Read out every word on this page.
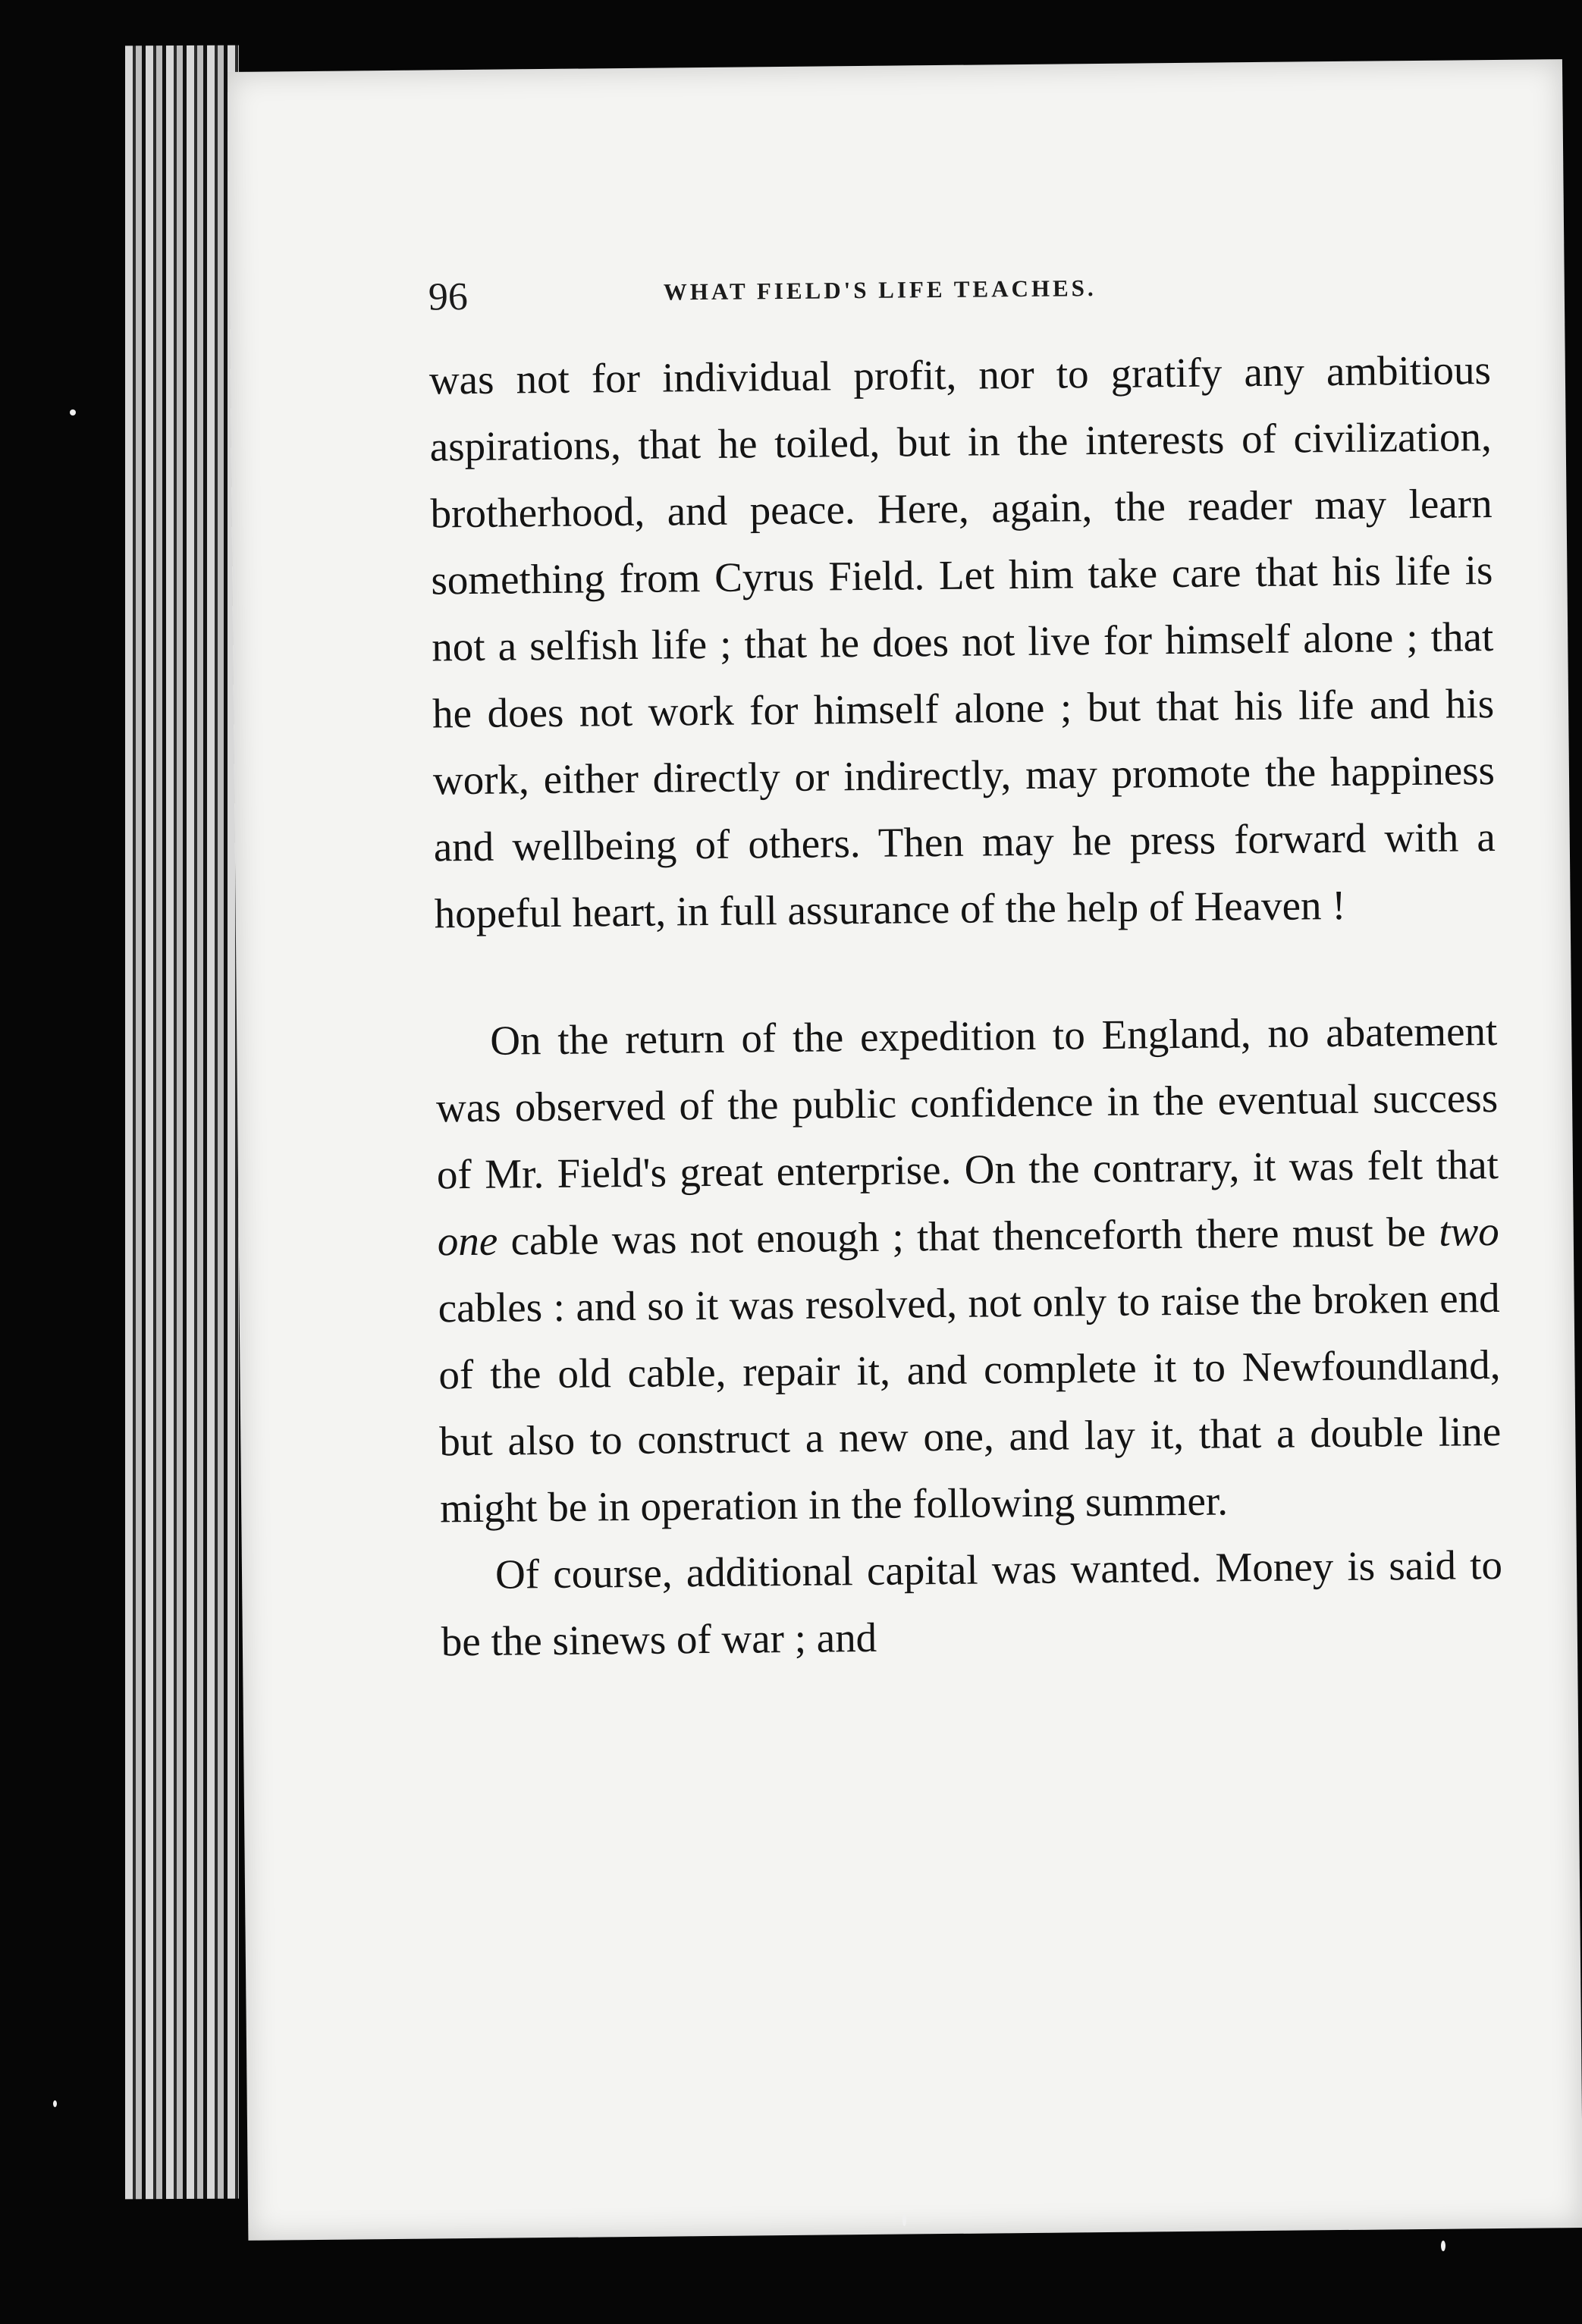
96	WHAT FIELD'S LIFE TEACHES.

was not for individual profit, nor to gratify any ambitious aspirations, that he toiled, but in the interests of civilization, brotherhood, and peace. Here, again, the reader may learn something from Cyrus Field. Let him take care that his life is not a selfish life ; that he does not live for himself alone ; that he does not work for himself alone ; but that his life and his work, either directly or indirectly, may promote the happiness and wellbeing of others. Then may he press forward with a hopeful heart, in full assurance of the help of Heaven !

On the return of the expedition to England, no abatement was observed of the public confidence in the eventual success of Mr. Field's great enterprise. On the contrary, it was felt that one cable was not enough ; that thenceforth there must be two cables : and so it was resolved, not only to raise the broken end of the old cable, repair it, and complete it to Newfoundland, but also to construct a new one, and lay it, that a double line might be in operation in the following summer.

Of course, additional capital was wanted. Money is said to be the sinews of war ; and
